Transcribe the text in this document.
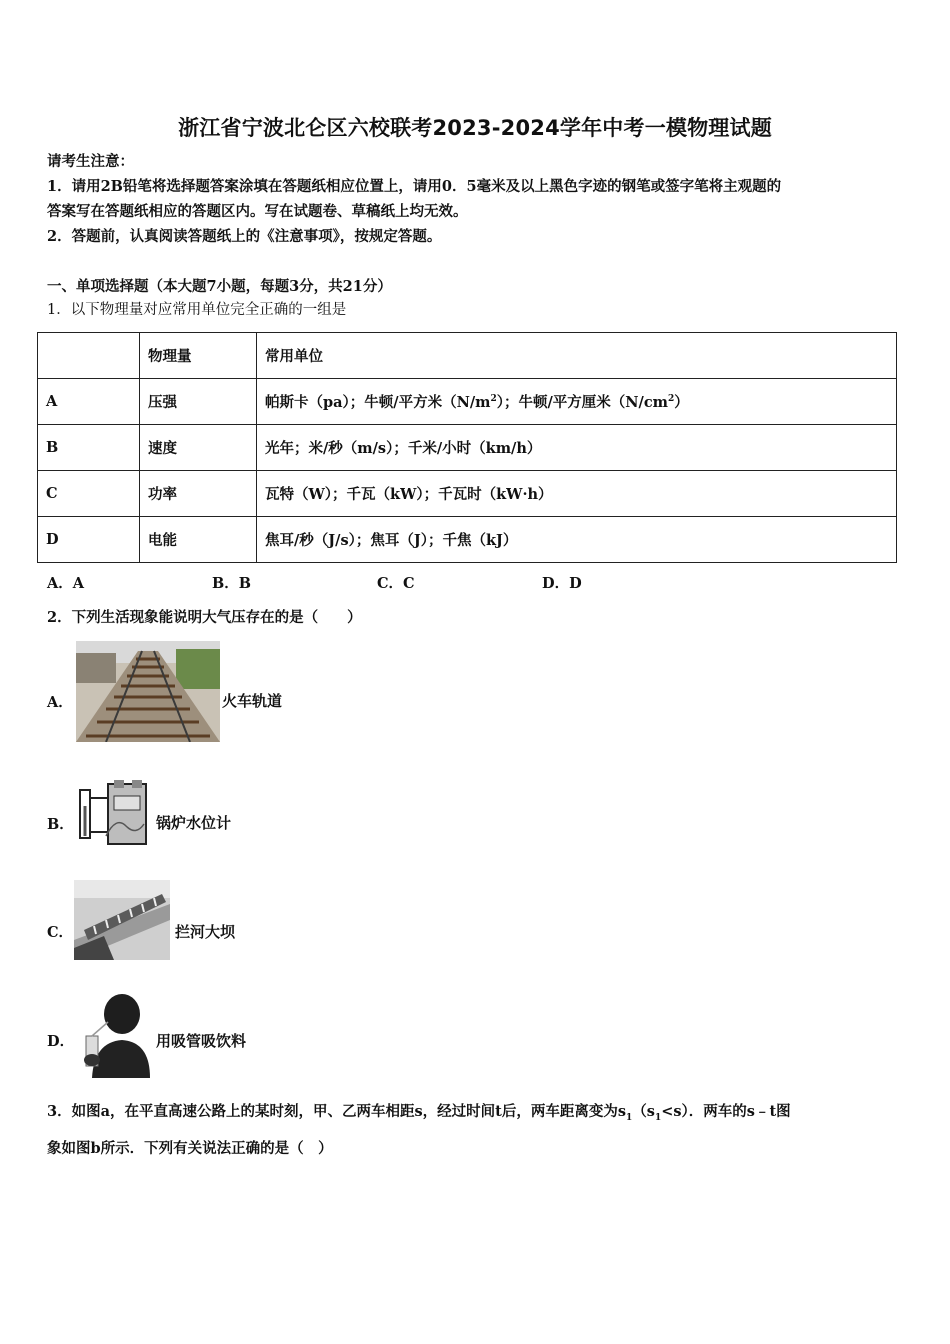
浙江省宁波北仑区六校联考2023-2024学年中考一模物理试题
请考生注意：
1．请用2B铅笔将选择题答案涂填在答题纸相应位置上，请用0．5毫米及以上黑色字迹的钢笔或签字笔将主观题的
答案写在答题纸相应的答题区内。写在试题卷、草稿纸上均无效。
2．答题前，认真阅读答题纸上的《注意事项》，按规定答题。
一、单项选择题（本大题7小题，每题3分，共21分）
1．以下物理量对应常用单位完全正确的一组是
	物理量	常用单位
A	压强	帕斯卡（pa）；牛顿/平方米$(N/m^2)$；牛顿/平方厘米$(N/cm^2)$
B	速度	光年；米/秒（m/s）；千米/小时（km/h）
C	功率	瓦特（W）；千瓦（kW）；千瓦时（kW·h）
D	电能	焦耳/秒（J/s）；焦耳（J）；千焦（kJ）
A．A	B．B	C．C	D．D
2．下列生活现象能说明大气压存在的是（　　）
A．	火车轨道
B．	锅炉水位计
C．	拦河大坝
D．	用吸管吸饮料
3．如图a，在平直高速公路上的某时刻，甲、乙两车相距s，经过时间t后，两车距离变为$s_1(s_1<s)$．两车的s﹣t图
象如图b所示．下列有关说法正确的是（　）
